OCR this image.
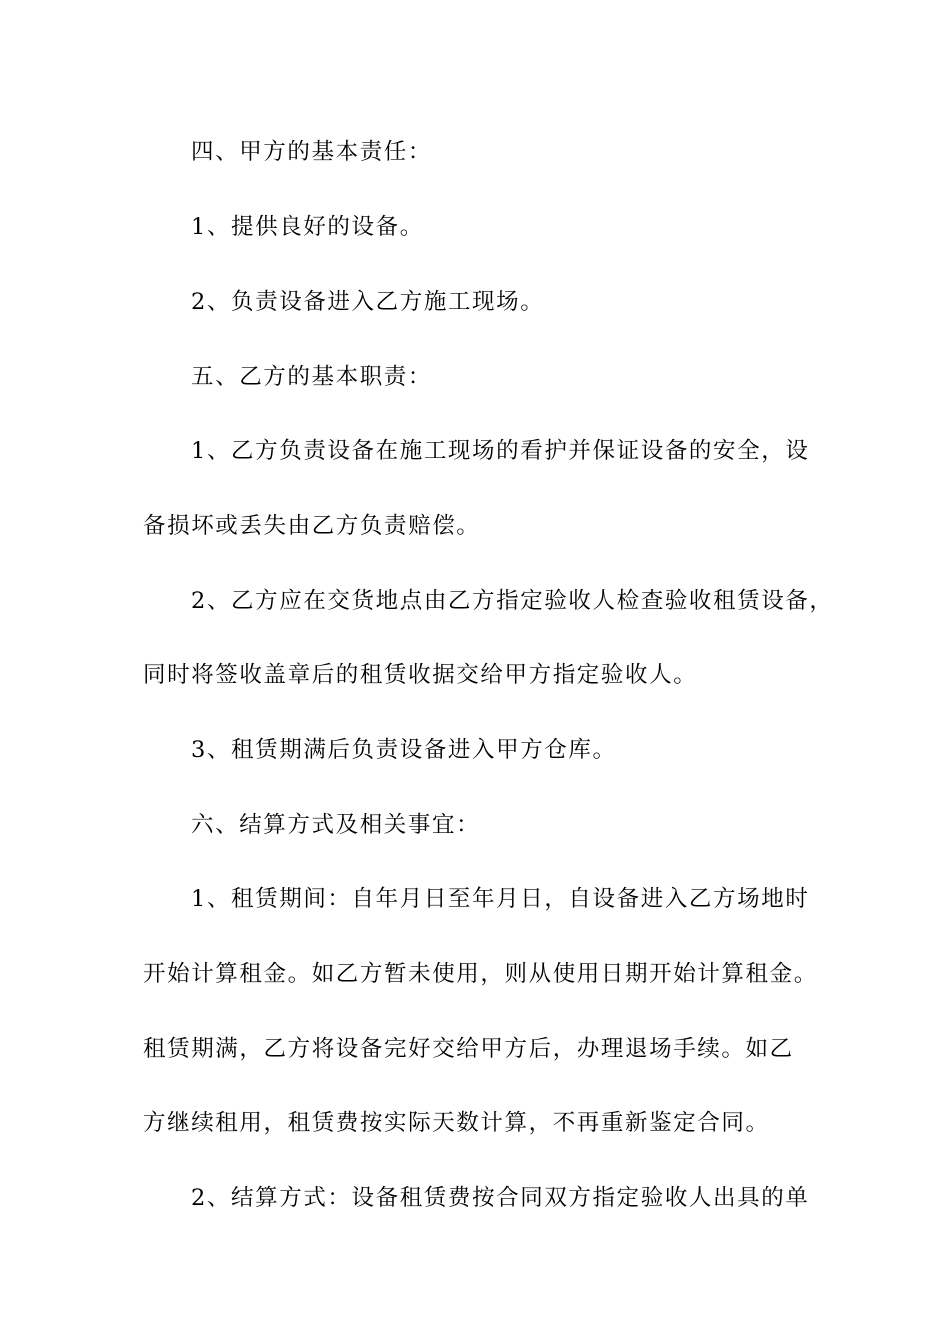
四、甲方的基本责任：

1、提供良好的设备。

2、负责设备进入乙方施工现场。

五、乙方的基本职责：

1、乙方负责设备在施工现场的看护并保证设备的安全，设

备损坏或丢失由乙方负责赔偿。

2、乙方应在交货地点由乙方指定验收人检查验收租赁设备，

同时将签收盖章后的租赁收据交给甲方指定验收人。

3、租赁期满后负责设备进入甲方仓库。

六、结算方式及相关事宜：

1、租赁期间：自年月日至年月日，自设备进入乙方场地时

开始计算租金。如乙方暂未使用，则从使用日期开始计算租金。

租赁期满，乙方将设备完好交给甲方后，办理退场手续。如乙

方继续租用，租赁费按实际天数计算，不再重新鉴定合同。

2、结算方式：设备租赁费按合同双方指定验收人出具的单
